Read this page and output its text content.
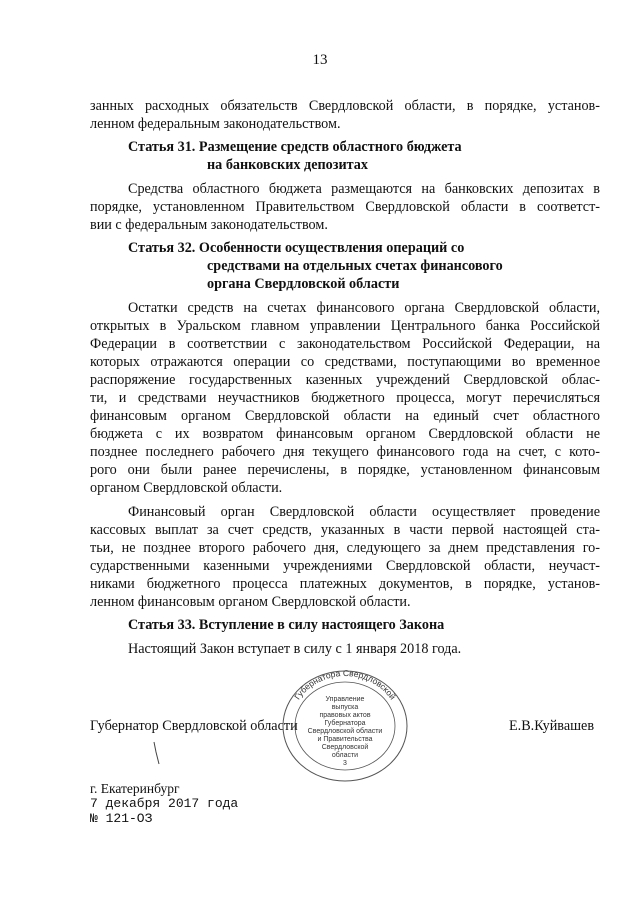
13
занных расходных обязательств Свердловской области, в порядке, установ-
ленном федеральным законодательством.
Статья 31. Размещение средств областного бюджета
на банковских депозитах
Средства областного бюджета размещаются на банковских депозитах в
порядке, установленном Правительством Свердловской области в соответст-
вии с федеральным законодательством.
Статья 32. Особенности осуществления операций со
средствами на отдельных счетах финансового
органа Свердловской области
Остатки средств на счетах финансового органа Свердловской области,
открытых в Уральском главном управлении Центрального банка Российской
Федерации в соответствии с законодательством Российской Федерации, на
которых отражаются операции со средствами, поступающими во временное
распоряжение государственных казенных учреждений Свердловской облас-
ти, и средствами неучастников бюджетного процесса, могут перечисляться
финансовым органом Свердловской области на единый счет областного
бюджета с их возвратом финансовым органом Свердловской области не
позднее последнего рабочего дня текущего финансового года на счет, с кото-
рого они были ранее перечислены, в порядке, установленном финансовым
органом Свердловской области.
Финансовый орган Свердловской области осуществляет проведение
кассовых выплат за счет средств, указанных в части первой настоящей ста-
тьи, не позднее второго рабочего дня, следующего за днем представления го-
сударственными казенными учреждениями Свердловской области, неучаст-
никами бюджетного процесса платежных документов, в порядке, установ-
ленном финансовым органом Свердловской области.
Статья 33. Вступление в силу настоящего Закона
Настоящий Закон вступает в силу с 1 января 2018 года.
Губернатор Свердловской области	Е.В.Куйвашев
Губернатора Свердловской
Управление
выпуска
правовых актов
Губернатора
Свердловской области
и Правительства
Свердловской
области
3
г. Екатеринбург
7 декабря 2017 года
№ 121-ОЗ
